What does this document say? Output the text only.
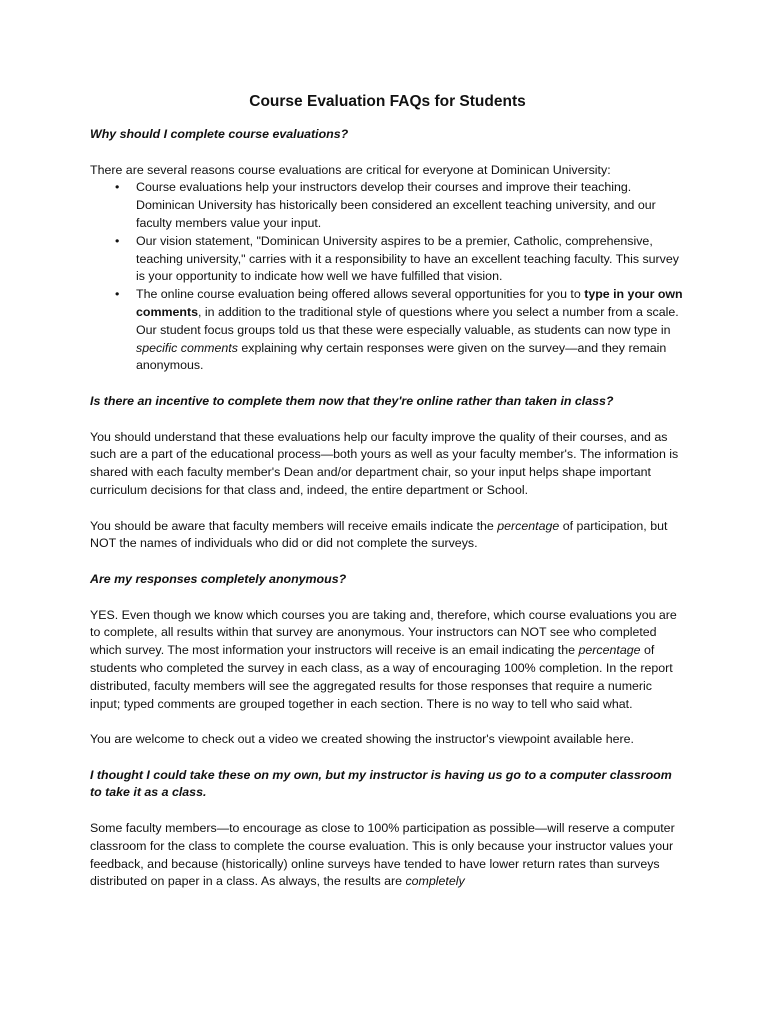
Course Evaluation FAQs for Students
Why should I complete course evaluations?

There are several reasons course evaluations are critical for everyone at Dominican University:

• Course evaluations help your instructors develop their courses and improve their teaching. Dominican University has historically been considered an excellent teaching university, and our faculty members value your input.
• Our vision statement, "Dominican University aspires to be a premier, Catholic, comprehensive, teaching university," carries with it a responsibility to have an excellent teaching faculty. This survey is your opportunity to indicate how well we have fulfilled that vision.
• The online course evaluation being offered allows several opportunities for you to type in your own comments, in addition to the traditional style of questions where you select a number from a scale. Our student focus groups told us that these were especially valuable, as students can now type in specific comments explaining why certain responses were given on the survey—and they remain anonymous.
Is there an incentive to complete them now that they're online rather than taken in class?

You should understand that these evaluations help our faculty improve the quality of their courses, and as such are a part of the educational process—both yours as well as your faculty member's. The information is shared with each faculty member's Dean and/or department chair, so your input helps shape important curriculum decisions for that class and, indeed, the entire department or School.

You should be aware that faculty members will receive emails indicate the percentage of participation, but NOT the names of individuals who did or did not complete the surveys.

Are my responses completely anonymous?

YES. Even though we know which courses you are taking and, therefore, which course evaluations you are to complete, all results within that survey are anonymous. Your instructors can NOT see who completed which survey. The most information your instructors will receive is an email indicating the percentage of students who completed the survey in each class, as a way of encouraging 100% completion. In the report distributed, faculty members will see the aggregated results for those responses that require a numeric input; typed comments are grouped together in each section. There is no way to tell who said what.

You are welcome to check out a video we created showing the instructor's viewpoint available here.

I thought I could take these on my own, but my instructor is having us go to a computer classroom to take it as a class.

Some faculty members—to encourage as close to 100% participation as possible—will reserve a computer classroom for the class to complete the course evaluation. This is only because your instructor values your feedback, and because (historically) online surveys have tended to have lower return rates than surveys distributed on paper in a class. As always, the results are completely
